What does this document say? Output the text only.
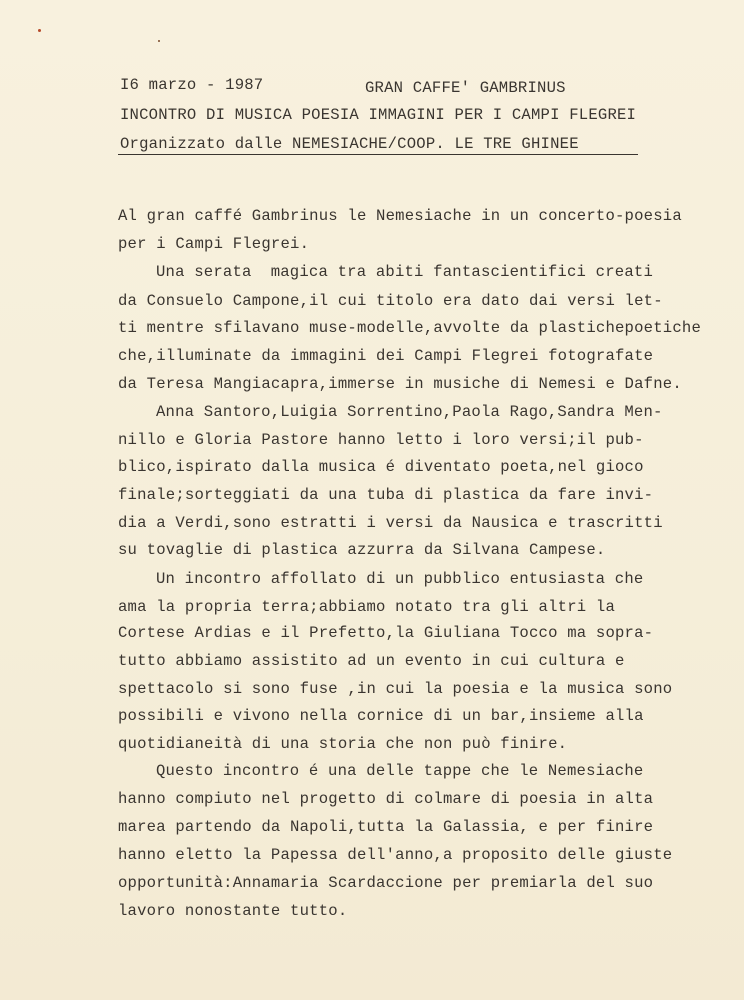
I6 marzo - 1987	GRAN CAFFE' GAMBRINUS
INCONTRO DI MUSICA POESIA IMMAGINI PER I CAMPI FLEGREI
Organizzato dalle NEMESIACHE/COOP. LE TRE GHINEE
Al gran caffé Gambrinus le Nemesiache in un concerto-poesia
per i Campi Flegrei.
Una serata  magica tra abiti fantascientifici creati
da Consuelo Campone,il cui titolo era dato dai versi let-
ti mentre sfilavano muse-modelle,avvolte da plastichepoetiche
che,illuminate da immagini dei Campi Flegrei fotografate
da Teresa Mangiacapra,immerse in musiche di Nemesi e Dafne.
Anna Santoro,Luigia Sorrentino,Paola Rago,Sandra Men-
nillo e Gloria Pastore hanno letto i loro versi;il pub-
blico,ispirato dalla musica é diventato poeta,nel gioco
finale;sorteggiati da una tuba di plastica da fare invi-
dia a Verdi,sono estratti i versi da Nausica e trascritti
su tovaglie di plastica azzurra da Silvana Campese.
Un incontro affollato di un pubblico entusiasta che
ama la propria terra;abbiamo notato tra gli altri la
Cortese Ardias e il Prefetto,la Giuliana Tocco ma sopra-
tutto abbiamo assistito ad un evento in cui cultura e
spettacolo si sono fuse ,in cui la poesia e la musica sono
possibili e vivono nella cornice di un bar,insieme alla
quotidianeità di una storia che non può finire.
Questo incontro é una delle tappe che le Nemesiache
hanno compiuto nel progetto di colmare di poesia in alta
marea partendo da Napoli,tutta la Galassia, e per finire
hanno eletto la Papessa dell'anno,a proposito delle giuste
opportunità:Annamaria Scardaccione per premiarla del suo
lavoro nonostante tutto.
